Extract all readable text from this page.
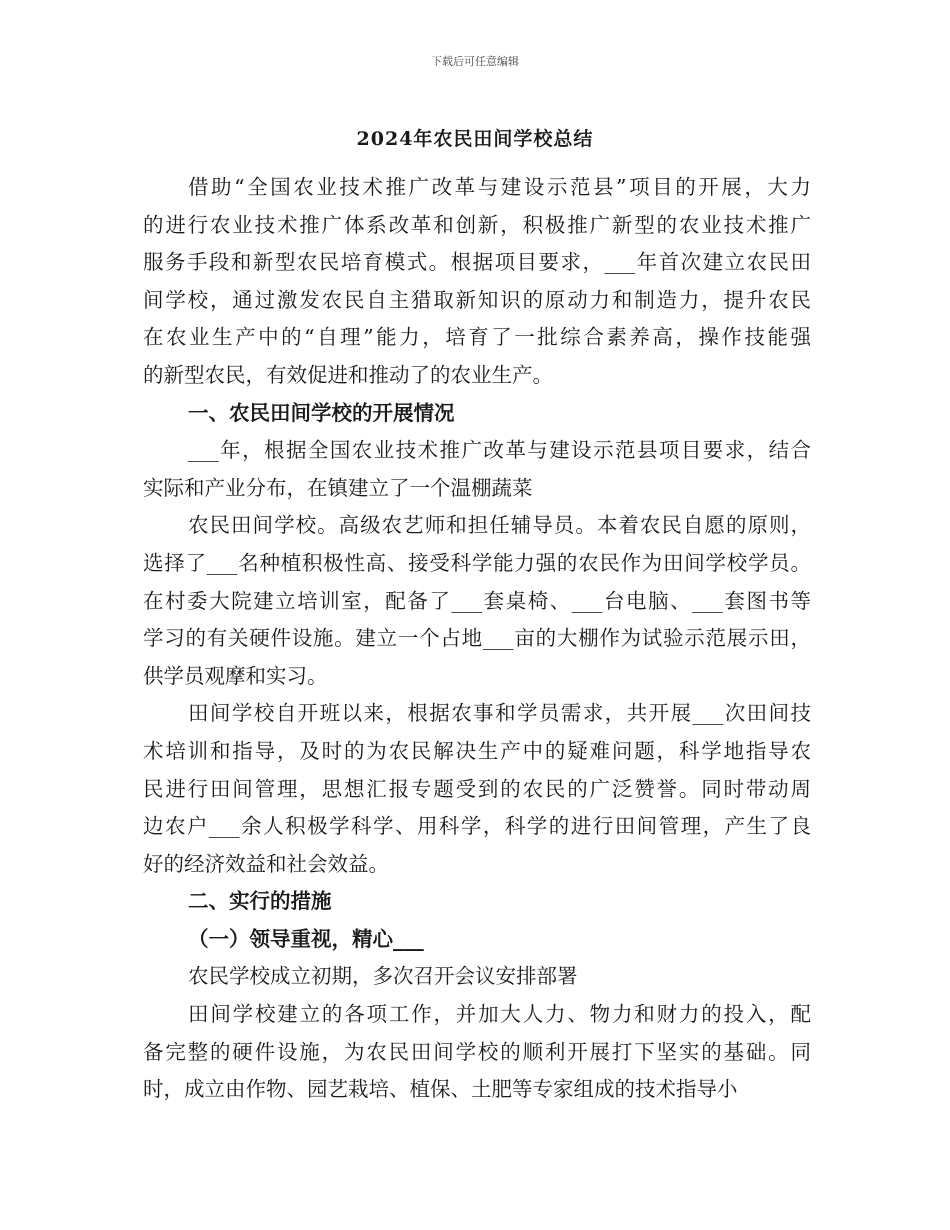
下载后可任意编辑
2024年农民田间学校总结
借助“全国农业技术推广改革与建设示范县”项目的开展，大力
的进行农业技术推广体系改革和创新，积极推广新型的农业技术推广
服务手段和新型农民培育模式。根据项目要求，___年首次建立农民田
间学校，通过激发农民自主猎取新知识的原动力和制造力，提升农民
在农业生产中的“自理”能力，培育了一批综合素养高，操作技能强
的新型农民，有效促进和推动了的农业生产。
一、农民田间学校的开展情况
___年，根据全国农业技术推广改革与建设示范县项目要求，结合
实际和产业分布，在镇建立了一个温棚蔬菜
农民田间学校。高级农艺师和担任辅导员。本着农民自愿的原则，
选择了___名种植积极性高、接受科学能力强的农民作为田间学校学员。
在村委大院建立培训室，配备了___套桌椅、___台电脑、___套图书等
学习的有关硬件设施。建立一个占地___亩的大棚作为试验示范展示田，
供学员观摩和实习。
田间学校自开班以来，根据农事和学员需求，共开展___次田间技
术培训和指导，及时的为农民解决生产中的疑难问题，科学地指导农
民进行田间管理，思想汇报专题受到的农民的广泛赞誉。同时带动周
边农户___余人积极学科学、用科学，科学的进行田间管理，产生了良
好的经济效益和社会效益。
二、实行的措施
（一）领导重视，精心___
农民学校成立初期，多次召开会议安排部署
田间学校建立的各项工作，并加大人力、物力和财力的投入，配
备完整的硬件设施，为农民田间学校的顺利开展打下坚实的基础。同
时，成立由作物、园艺栽培、植保、土肥等专家组成的技术指导小
